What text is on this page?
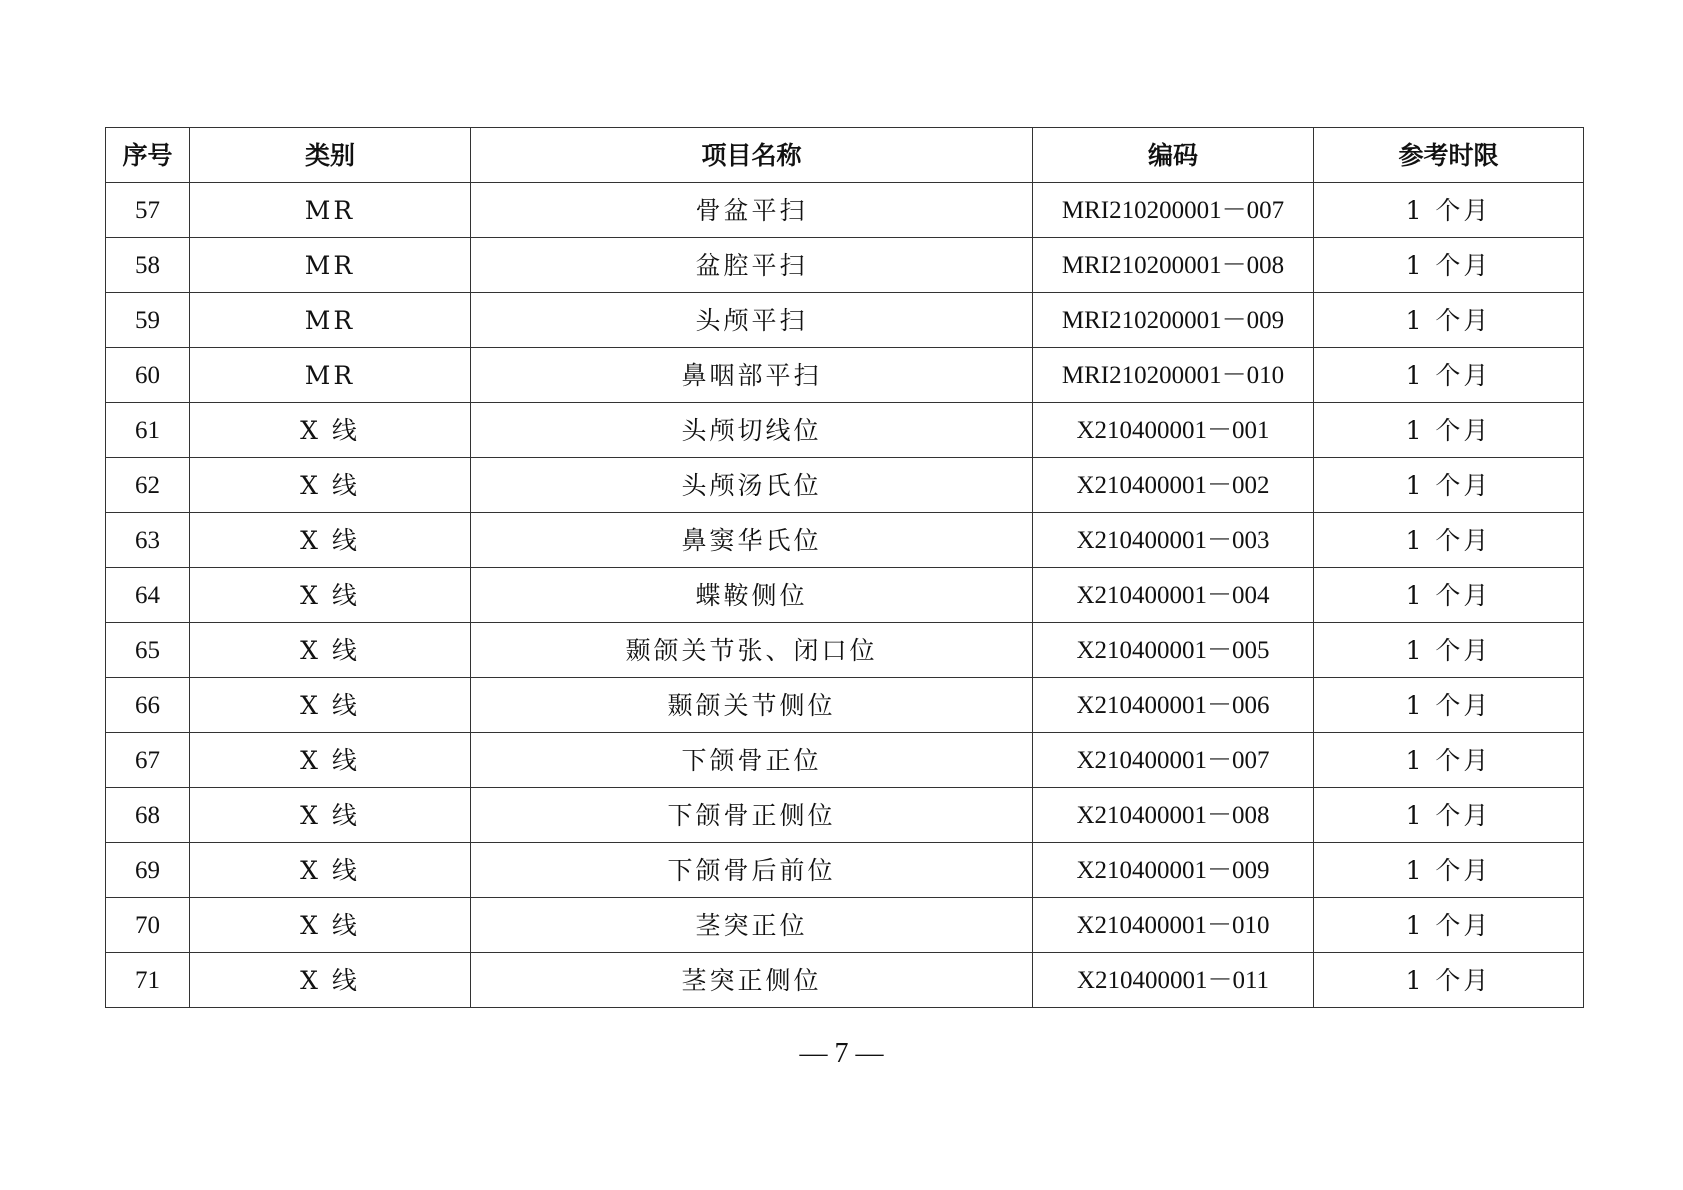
序号	类别	项目名称	编码	参考时限
57	MR	骨盆平扫	MRI210200001－007	1 个月
58	MR	盆腔平扫	MRI210200001－008	1 个月
59	MR	头颅平扫	MRI210200001－009	1 个月
60	MR	鼻咽部平扫	MRI210200001－010	1 个月
61	X 线	头颅切线位	X210400001－001	1 个月
62	X 线	头颅汤氏位	X210400001－002	1 个月
63	X 线	鼻窦华氏位	X210400001－003	1 个月
64	X 线	蝶鞍侧位	X210400001－004	1 个月
65	X 线	颞颌关节张、闭口位	X210400001－005	1 个月
66	X 线	颞颌关节侧位	X210400001－006	1 个月
67	X 线	下颌骨正位	X210400001－007	1 个月
68	X 线	下颌骨正侧位	X210400001－008	1 个月
69	X 线	下颌骨后前位	X210400001－009	1 个月
70	X 线	茎突正位	X210400001－010	1 个月
71	X 线	茎突正侧位	X210400001－011	1 个月
— 7 —
